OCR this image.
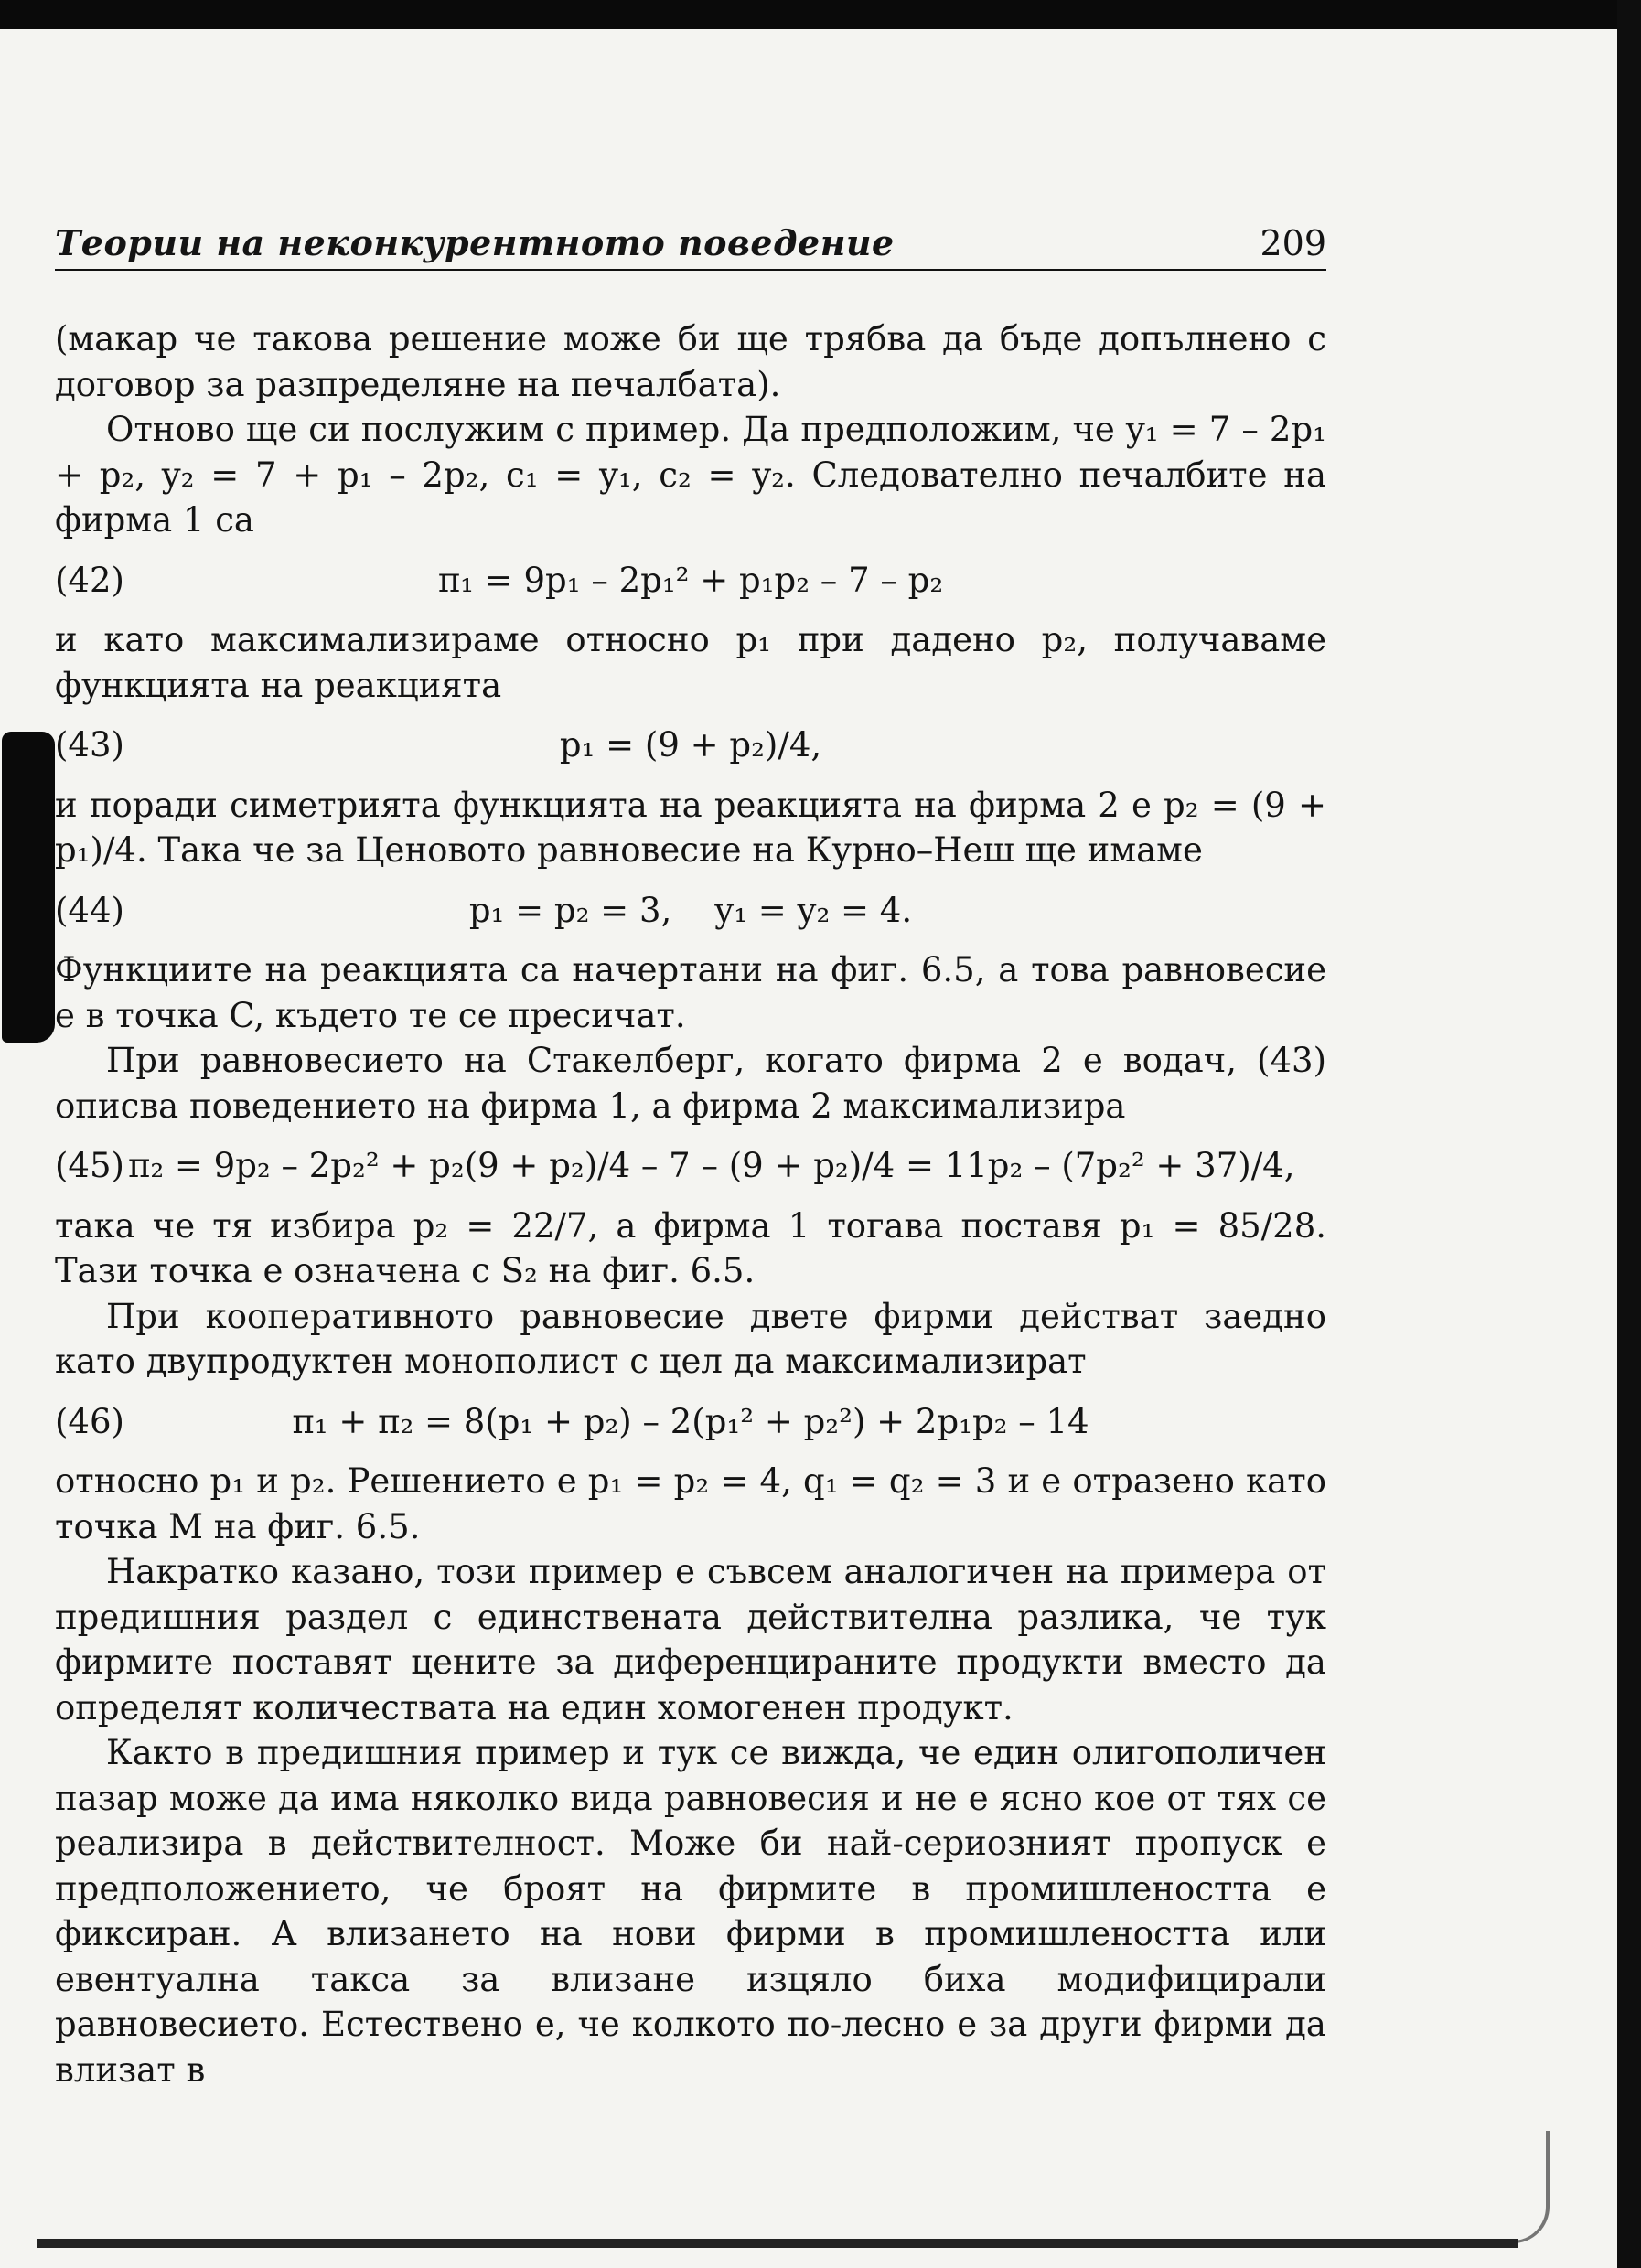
Теории на неконкурентното поведение	209

(макар че такова решение може би ще трябва да бъде допълнено с договор за разпределяне на печалбата).

Отново ще си послужим с пример. Да предположим, че y₁ = 7 – 2p₁ + p₂, y₂ = 7 + p₁ – 2p₂, c₁ = y₁, c₂ = y₂. Следователно печалбите на фирма 1 са

(42)	π₁ = 9p₁ – 2p₁² + p₁p₂ – 7 – p₂

и като максимализираме относно p₁ при дадено p₂, получаваме функцията на реакцията

(43)	p₁ = (9 + p₂)/4,

и поради симетрията функцията на реакцията на фирма 2 е p₂ = (9 + p₁)/4. Така че за Ценовото равновесие на Курно–Неш ще имаме

(44)	p₁ = p₂ = 3,    y₁ = y₂ = 4.

Функциите на реакцията са начертани на фиг. 6.5, а това равновесие е в точка C, където те се пресичат.

При равновесието на Стакелберг, когато фирма 2 е водач, (43) описва поведението на фирма 1, а фирма 2 максимализира

(45) π₂ = 9p₂ – 2p₂² + p₂(9 + p₂)/4 – 7 – (9 + p₂)/4 = 11p₂ – (7p₂² + 37)/4,

така че тя избира p₂ = 22/7, а фирма 1 тогава поставя p₁ = 85/28. Тази точка е означена с S₂ на фиг. 6.5.

При кооперативното равновесие двете фирми действат заедно като двупродуктен монополист с цел да максимализират

(46)	π₁ + π₂ = 8(p₁ + p₂) – 2(p₁² + p₂²) + 2p₁p₂ – 14

относно p₁ и p₂. Решението е p₁ = p₂ = 4, q₁ = q₂ = 3 и е отразено като точка M на фиг. 6.5.

Накратко казано, този пример е съвсем аналогичен на примера от предишния раздел с единствената действителна разлика, че тук фирмите поставят цените за диференцираните продукти вместо да определят количествата на един хомогенен продукт.

Както в предишния пример и тук се вижда, че един олигополичен пазар може да има няколко вида равновесия и не е ясно кое от тях се реализира в действителност. Може би най-сериозният пропуск е предположението, че броят на фирмите в промишлеността е фиксиран. А влизането на нови фирми в промишлеността или евентуална такса за влизане изцяло биха модифицирали равновесието. Естествено е, че колкото по-лесно е за други фирми да влизат в
